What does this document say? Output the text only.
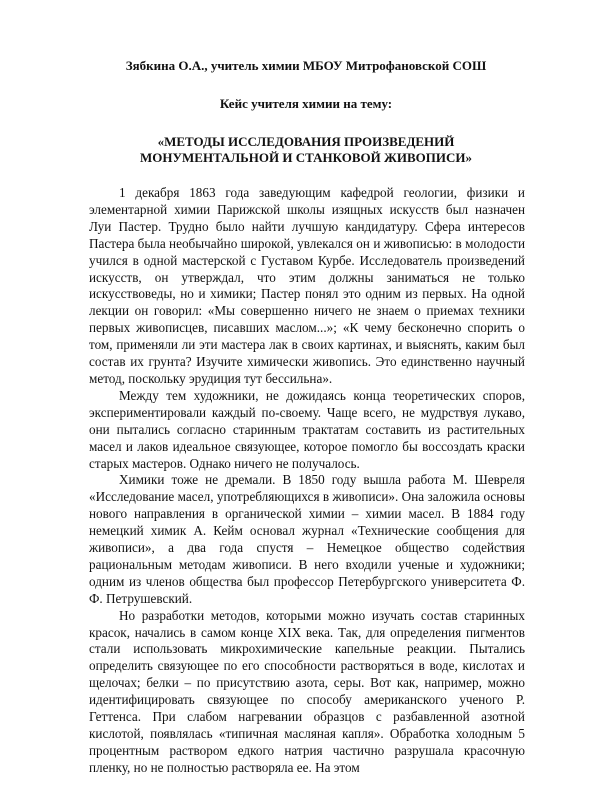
Зябкина О.А., учитель химии МБОУ Митрофановской СОШ
Кейс учителя химии на тему:
«МЕТОДЫ ИССЛЕДОВАНИЯ ПРОИЗВЕДЕНИЙ
МОНУМЕНТАЛЬНОЙ И СТАНКОВОЙ ЖИВОПИСИ»

1 декабря 1863 года заведующим кафедрой геологии, физики и элементарной химии Парижской школы изящных искусств был назначен Луи Пастер. Трудно было найти лучшую кандидатуру. Сфера интересов Пастера была необычайно широкой, увлекался он и живописью: в молодости учился в одной мастерской с Густавом Курбе. Исследователь произведений искусств, он утверждал, что этим должны заниматься не только искусствоведы, но и химики; Пастер понял это одним из первых. На одной лекции он говорил: «Мы совершенно ничего не знаем о приемах техники первых живописцев, писавших маслом...»; «К чему бесконечно спорить о том, применяли ли эти мастера лак в своих картинах, и выяснять, каким был состав их грунта? Изучите химически живопись. Это единственно научный метод, поскольку эрудиция тут бессильна».

Между тем художники, не дожидаясь конца теоретических споров, экспериментировали каждый по-своему. Чаще всего, не мудрствуя лукаво, они пытались согласно старинным трактатам составить из растительных масел и лаков идеальное связующее, которое помогло бы воссоздать краски старых мастеров. Однако ничего не получалось.

Химики тоже не дремали. В 1850 году вышла работа М. Шевреля «Исследование масел, употребляющихся в живописи». Она заложила основы нового направления в органической химии – химии масел. В 1884 году немецкий химик А. Кейм основал журнал «Технические сообщения для живописи», а два года спустя – Немецкое общество содействия рациональным методам живописи. В него входили ученые и художники; одним из членов общества был профессор Петербургского университета Ф. Ф. Петрушевский.

Но разработки методов, которыми можно изучать состав старинных красок, начались в самом конце XIX века. Так, для определения пигментов стали использовать микрохимические капельные реакции. Пытались определить связующее по его способности растворяться в воде, кислотах и щелочах; белки – по присутствию азота, серы. Вот как, например, можно идентифицировать связующее по способу американского ученого Р. Геттенса. При слабом нагревании образцов с разбавленной азотной кислотой, появлялась «типичная масляная капля». Обработка холодным 5 процентным раствором едкого натрия частично разрушала красочную пленку, но не полностью растворяла ее. На этом
